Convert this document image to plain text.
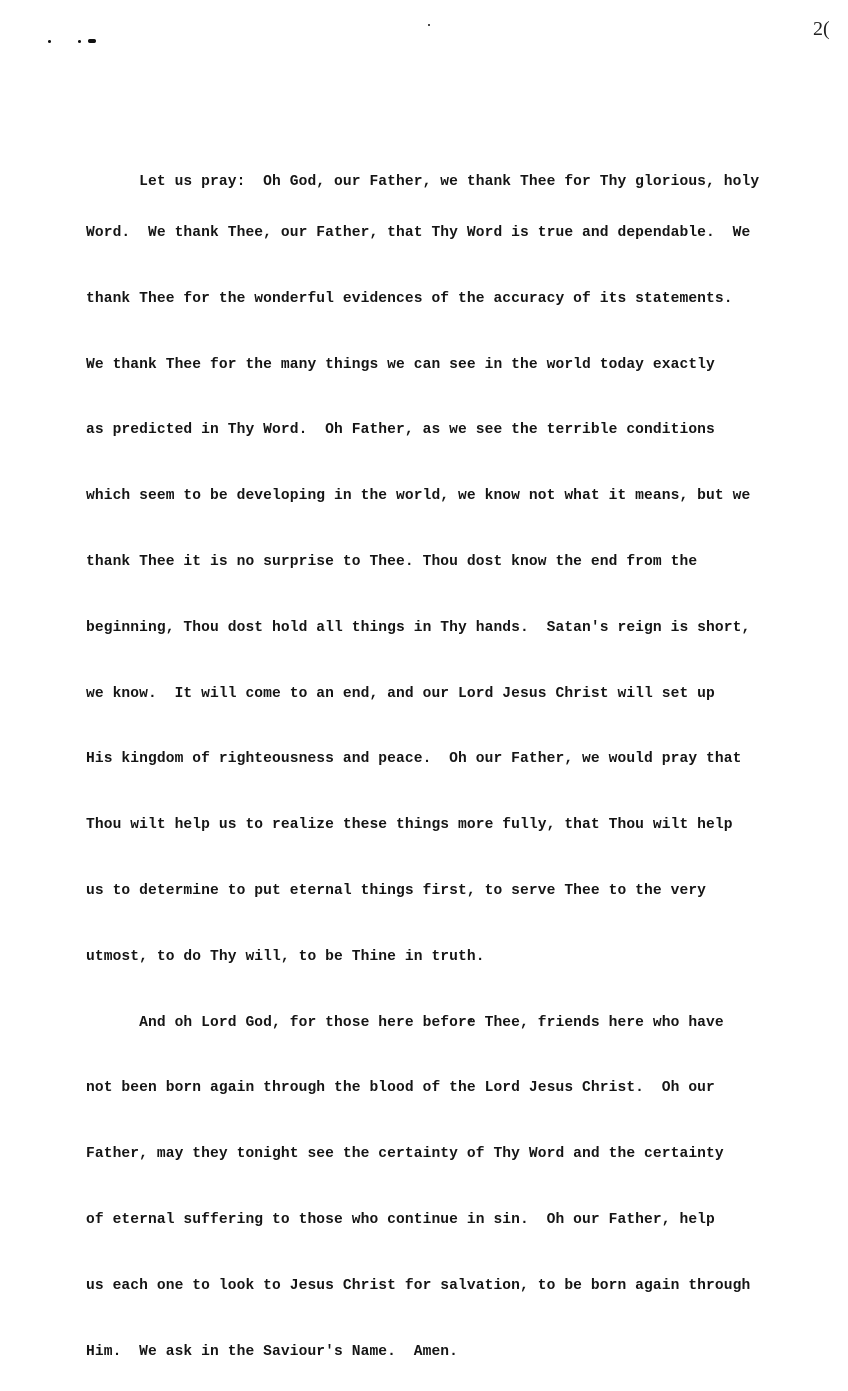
2(

Let us pray:  Oh God, our Father, we thank Thee for Thy glorious, holy

Word.  We thank Thee, our Father, that Thy Word is true and dependable.  We

thank Thee for the wonderful evidences of the accuracy of its statements.

We thank Thee for the many things we can see in the world today exactly

as predicted in Thy Word.  Oh Father, as we see the terrible conditions

which seem to be developing in the world, we know not what it means, but we

thank Thee it is no surprise to Thee. Thou dost know the end from the

beginning, Thou dost hold all things in Thy hands.  Satan's reign is short,

we know.  It will come to an end, and our Lord Jesus Christ will set up

His kingdom of righteousness and peace.  Oh our Father, we would pray that

Thou wilt help us to realize these things more fully, that Thou wilt help

us to determine to put eternal things first, to serve Thee to the very

utmost, to do Thy will, to be Thine in truth.

And oh Lord God, for those here before Thee, friends here who have

not been born again through the blood of the Lord Jesus Christ.  Oh our

Father, may they tonight see the certainty of Thy Word and the certainty

of eternal suffering to those who continue in sin.  Oh our Father, help

us each one to look to Jesus Christ for salvation, to be born again through

Him.  We ask in the Saviour's Name.  Amen.
